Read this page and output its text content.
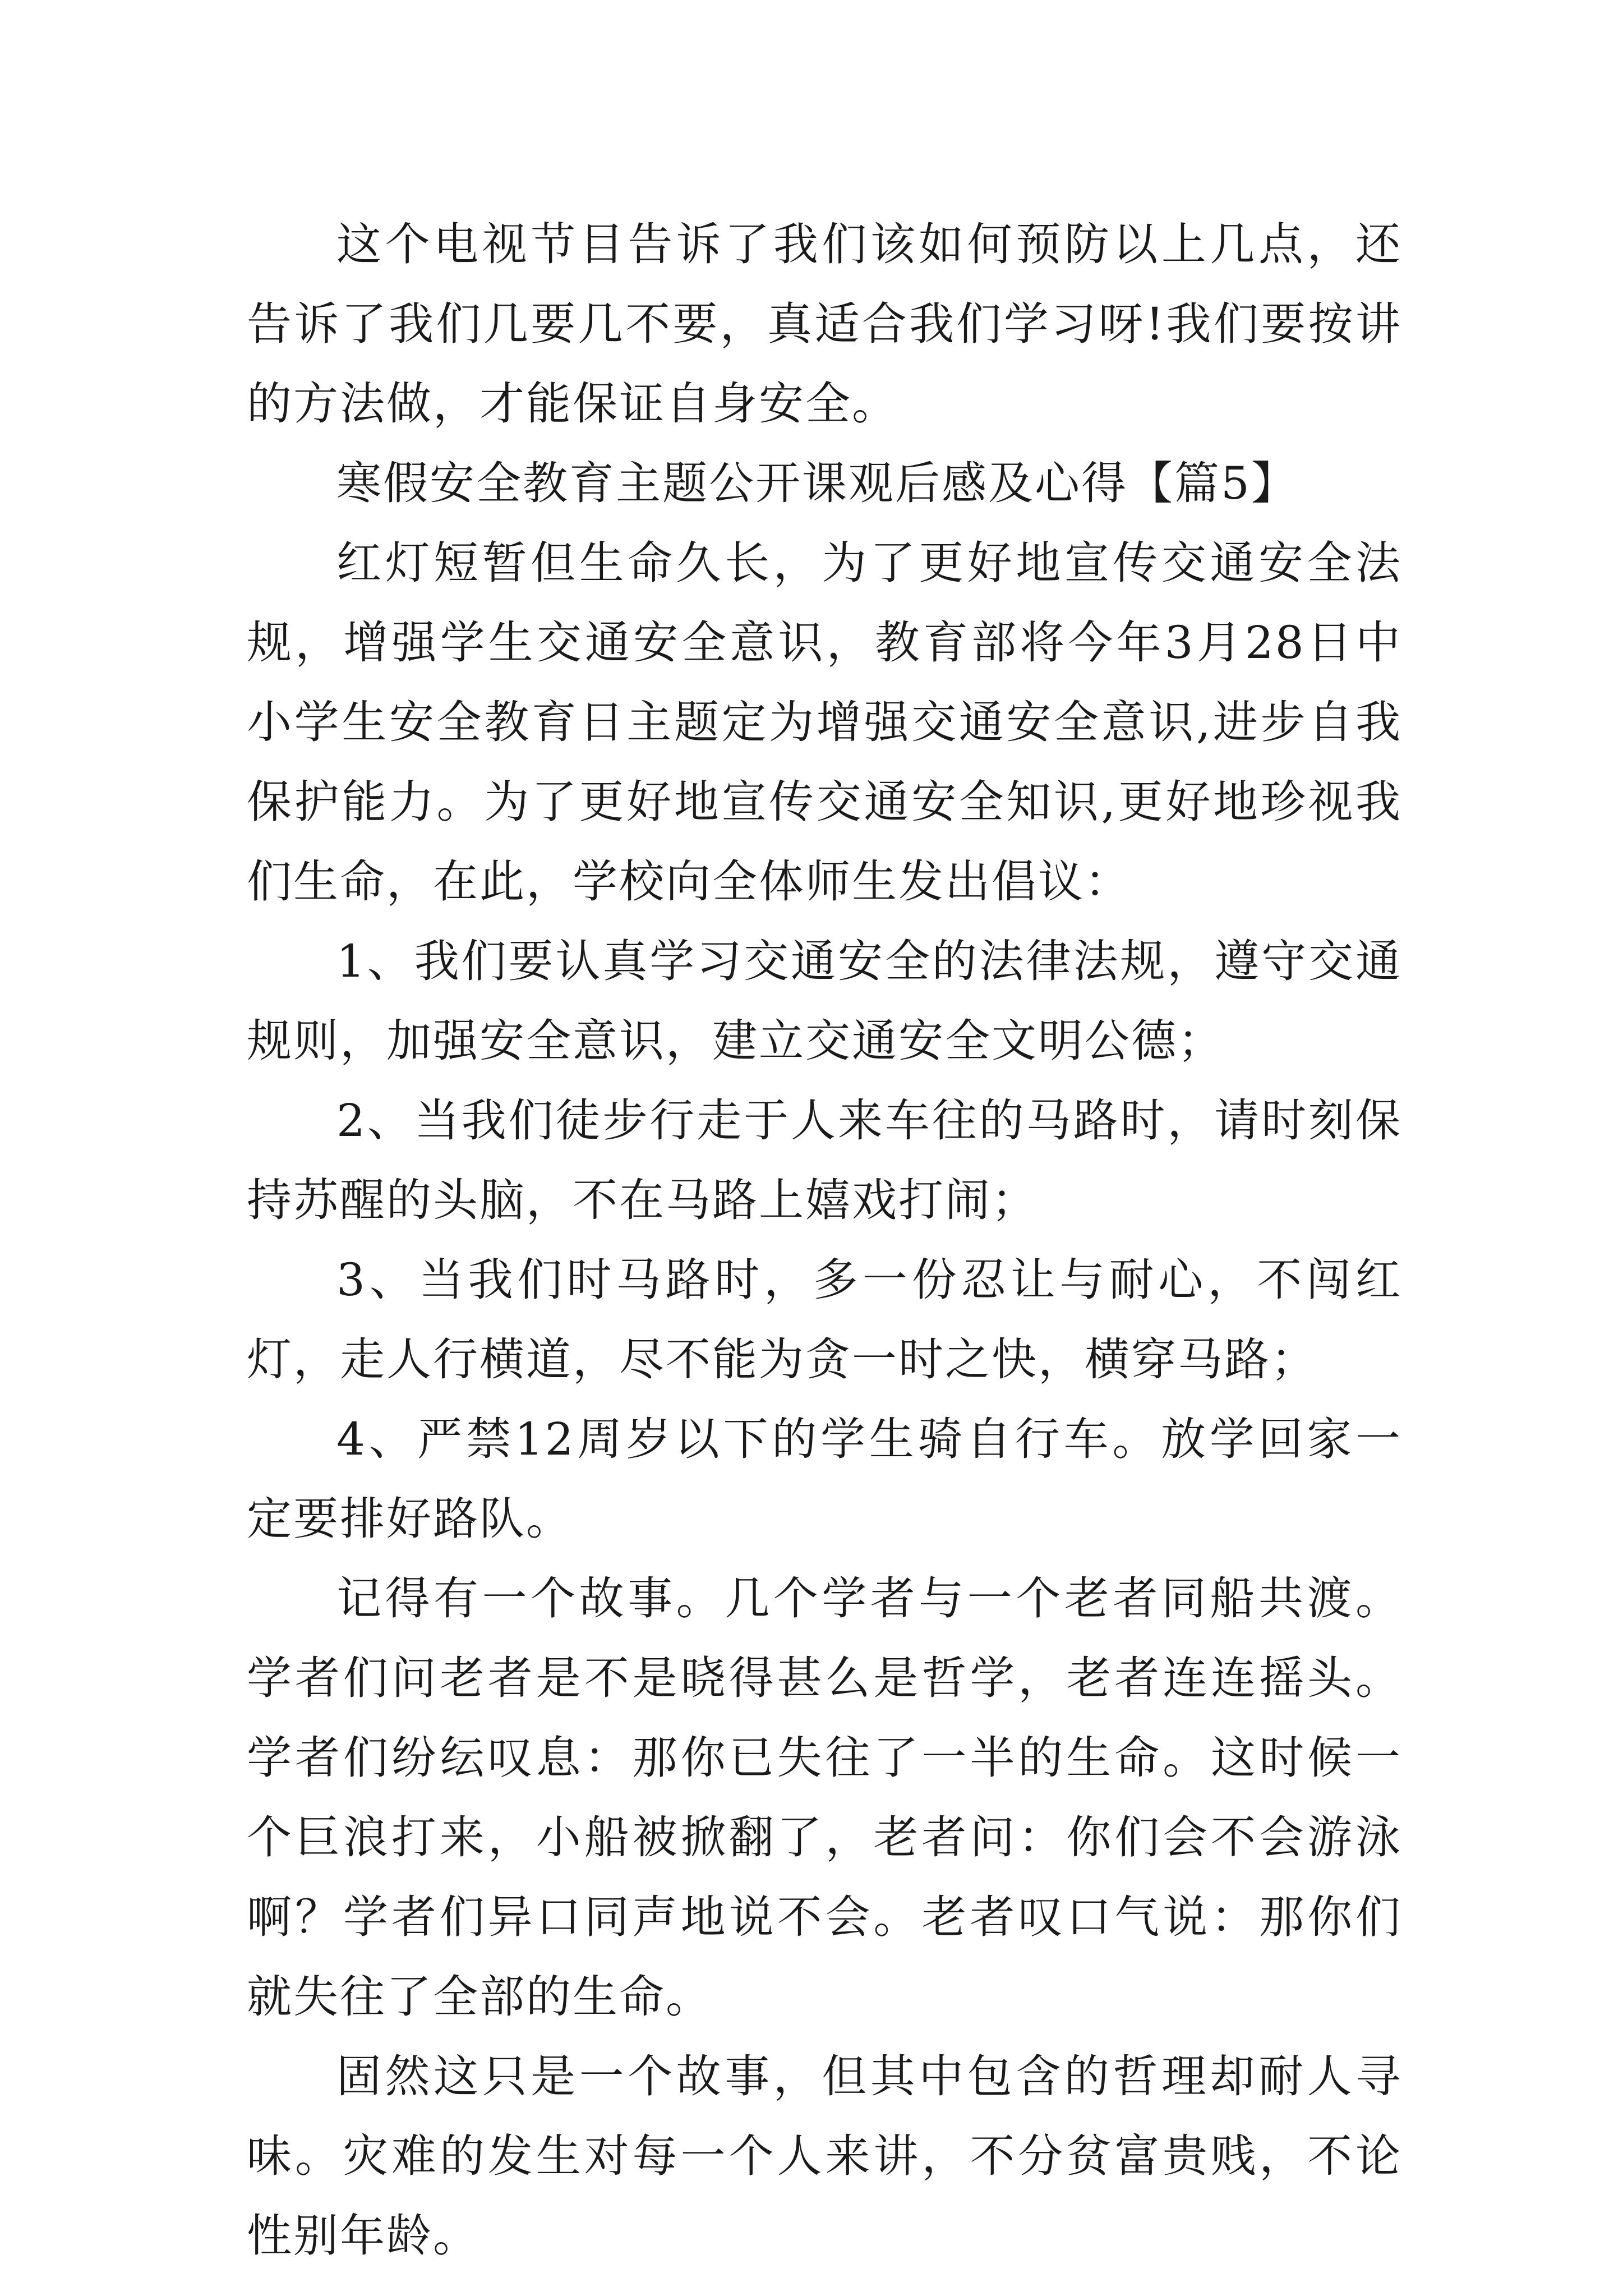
这个电视节目告诉了我们该如何预防以上几点，还告诉了我们几要几不要，真适合我们学习呀!我们要按讲的方法做，才能保证自身安全。

寒假安全教育主题公开课观后感及心得【篇5】

红灯短暂但生命久长，为了更好地宣传交通安全法规，增强学生交通安全意识，教育部将今年3月28日中小学生安全教育日主题定为增强交通安全意识,进步自我保护能力。为了更好地宣传交通安全知识,更好地珍视我们生命，在此，学校向全体师生发出倡议：

1、我们要认真学习交通安全的法律法规，遵守交通规则，加强安全意识，建立交通安全文明公德；

2、当我们徒步行走于人来车往的马路时，请时刻保持苏醒的头脑，不在马路上嬉戏打闹；

3、当我们时马路时，多一份忍让与耐心，不闯红灯，走人行横道，尽不能为贪一时之快，横穿马路；

4、严禁12周岁以下的学生骑自行车。放学回家一定要排好路队。

记得有一个故事。几个学者与一个老者同船共渡。学者们问老者是不是晓得甚么是哲学，老者连连摇头。学者们纷纭叹息：那你已失往了一半的生命。这时候一个巨浪打来，小船被掀翻了，老者问：你们会不会游泳啊？学者们异口同声地说不会。老者叹口气说：那你们就失往了全部的生命。

固然这只是一个故事，但其中包含的哲理却耐人寻味。灾难的发生对每一个人来讲，不分贫富贵贱，不论性别年龄。
